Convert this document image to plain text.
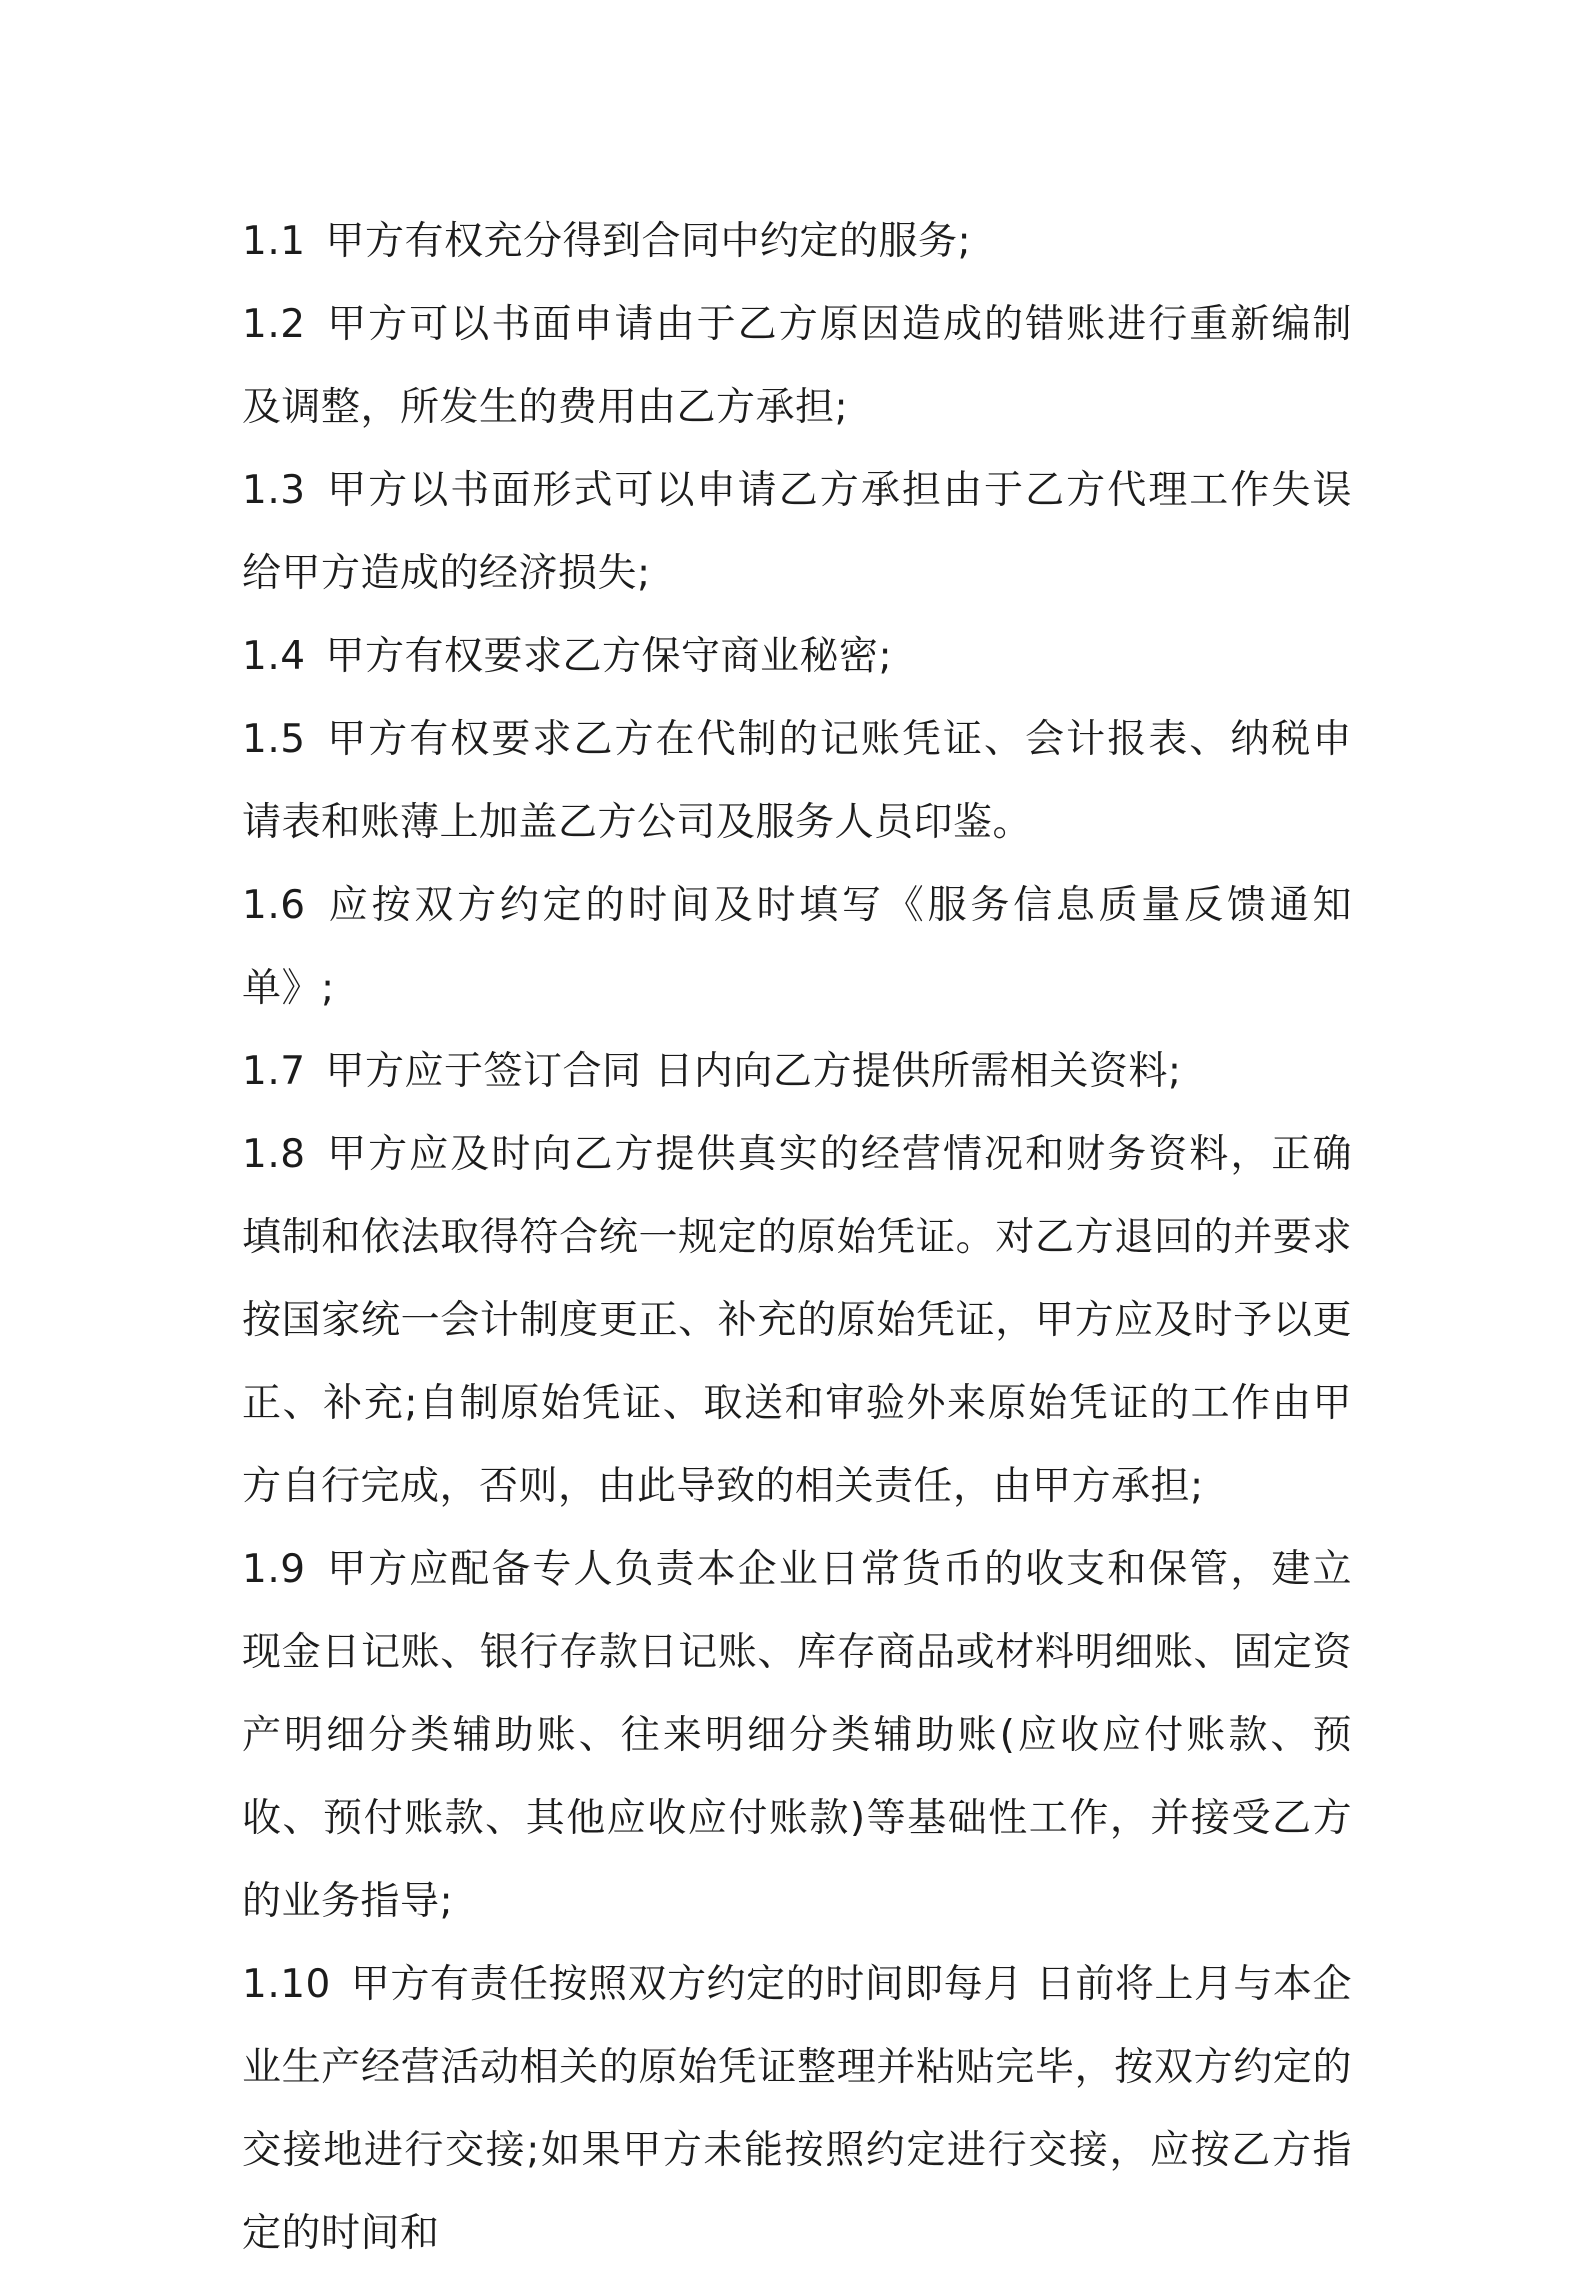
1.1 甲方有权充分得到合同中约定的服务;

1.2 甲方可以书面申请由于乙方原因造成的错账进行重新编制及调整，所发生的费用由乙方承担;

1.3 甲方以书面形式可以申请乙方承担由于乙方代理工作失误给甲方造成的经济损失;

1.4 甲方有权要求乙方保守商业秘密;

1.5 甲方有权要求乙方在代制的记账凭证、会计报表、纳税申请表和账薄上加盖乙方公司及服务人员印鉴。

1.6 应按双方约定的时间及时填写《服务信息质量反馈通知单》;

1.7 甲方应于签订合同 日内向乙方提供所需相关资料;

1.8 甲方应及时向乙方提供真实的经营情况和财务资料，正确填制和依法取得符合统一规定的原始凭证。对乙方退回的并要求按国家统一会计制度更正、补充的原始凭证，甲方应及时予以更正、补充;自制原始凭证、取送和审验外来原始凭证的工作由甲方自行完成，否则，由此导致的相关责任，由甲方承担;

1.9 甲方应配备专人负责本企业日常货币的收支和保管，建立现金日记账、银行存款日记账、库存商品或材料明细账、固定资产明细分类辅助账、往来明细分类辅助账(应收应付账款、预收、预付账款、其他应收应付账款)等基础性工作，并接受乙方的业务指导;

1.10 甲方有责任按照双方约定的时间即每月 日前将上月与本企业生产经营活动相关的原始凭证整理并粘贴完毕，按双方约定的交接地进行交接;如果甲方未能按照约定进行交接，应按乙方指定的时间和
